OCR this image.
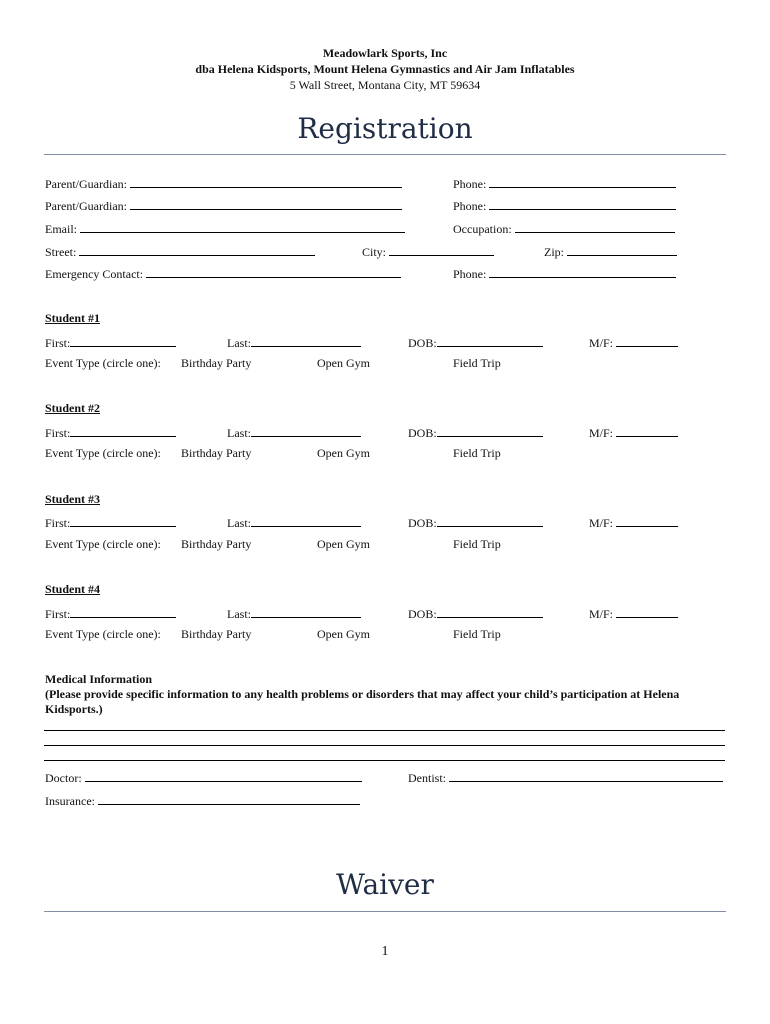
Meadowlark Sports, Inc
dba Helena Kidsports, Mount Helena Gymnastics and Air Jam Inflatables
5 Wall Street, Montana City, MT 59634
Registration
Parent/Guardian:	Phone:
Parent/Guardian:	Phone:
Email:	Occupation:
Street:	City:	Zip:
Emergency Contact:	Phone:
Student #1
First:	Last:	DOB:	M/F:
Event Type (circle one): Birthday Party	Open Gym	Field Trip
Student #2
First:	Last:	DOB:	M/F:
Event Type (circle one): Birthday Party	Open Gym	Field Trip
Student #3
First:	Last:	DOB:	M/F:
Event Type (circle one): Birthday Party	Open Gym	Field Trip
Student #4
First:	Last:	DOB:	M/F:
Event Type (circle one): Birthday Party	Open Gym	Field Trip
Medical Information
(Please provide specific information to any health problems or disorders that may affect your child’s participation at Helena
Kidsports.)
Doctor:	Dentist:
Insurance:
Waiver
1
